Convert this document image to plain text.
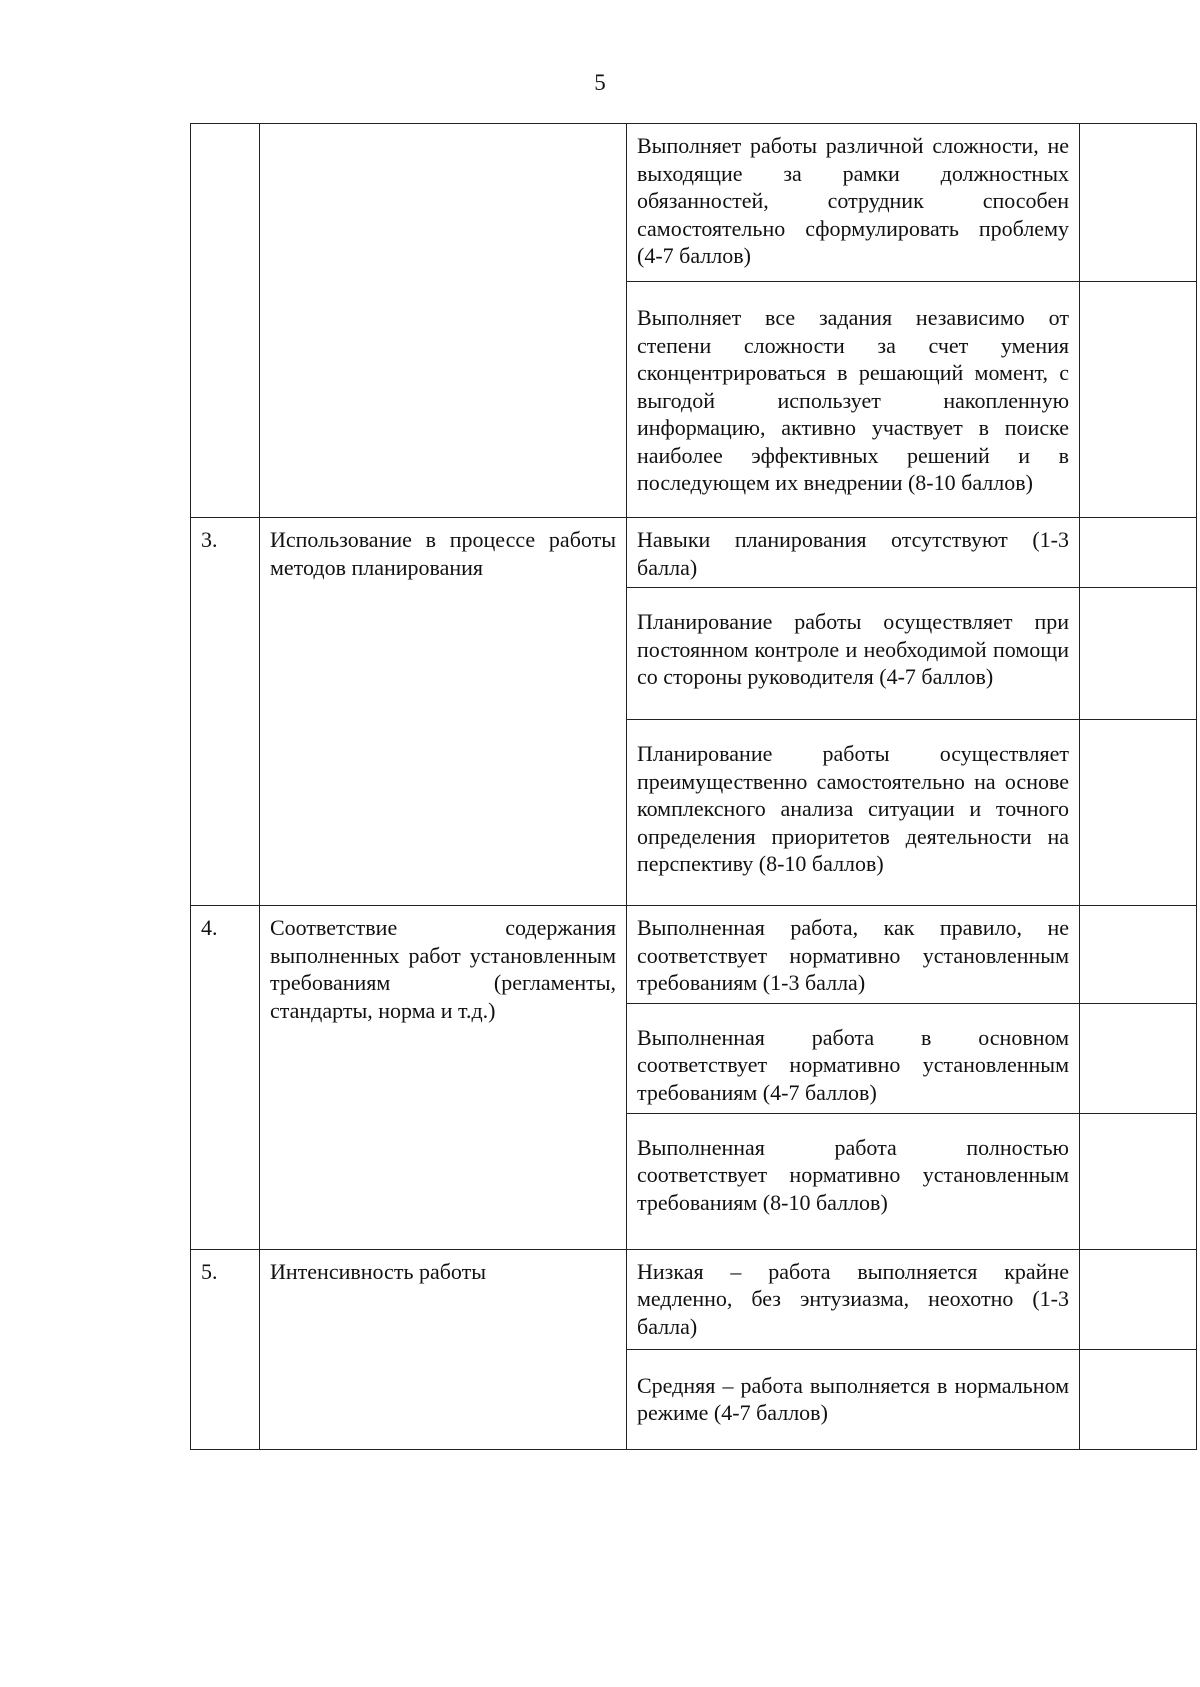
5
		Выполняет работы различной сложности, не выходящие за рамки должностных обязанностей, сотрудник способен самостоятельно сформулировать проблему (4-7 баллов)	
		Выполняет все задания независимо от степени сложности за счет умения сконцентрироваться в решающий момент, с выгодой использует накопленную информацию, активно участвует в поиске наиболее эффективных решений и в последующем их внедрении (8-10 баллов)	
3.	Использование в процессе работы методов планирования	Навыки планирования отсутствуют (1-3 балла)	
		Планирование работы осуществляет при постоянном контроле и необходимой помощи со стороны руководителя (4-7 баллов)	
		Планирование работы осуществляет преимущественно самостоятельно на основе комплексного анализа ситуации и точного определения приоритетов деятельности на перспективу (8-10 баллов)	
4.	Соответствие содержания выполненных работ установленным требованиям (регламенты, стандарты, норма и т.д.)	Выполненная работа, как правило, не соответствует нормативно установленным требованиям (1-3 балла)	
		Выполненная работа в основном соответствует нормативно установленным требованиям (4-7 баллов)	
		Выполненная работа полностью соответствует нормативно установленным требованиям (8-10 баллов)	
5.	Интенсивность работы	Низкая – работа выполняется крайне медленно, без энтузиазма, неохотно (1-3 балла)	
		Средняя – работа выполняется в нормальном режиме (4-7 баллов)	
